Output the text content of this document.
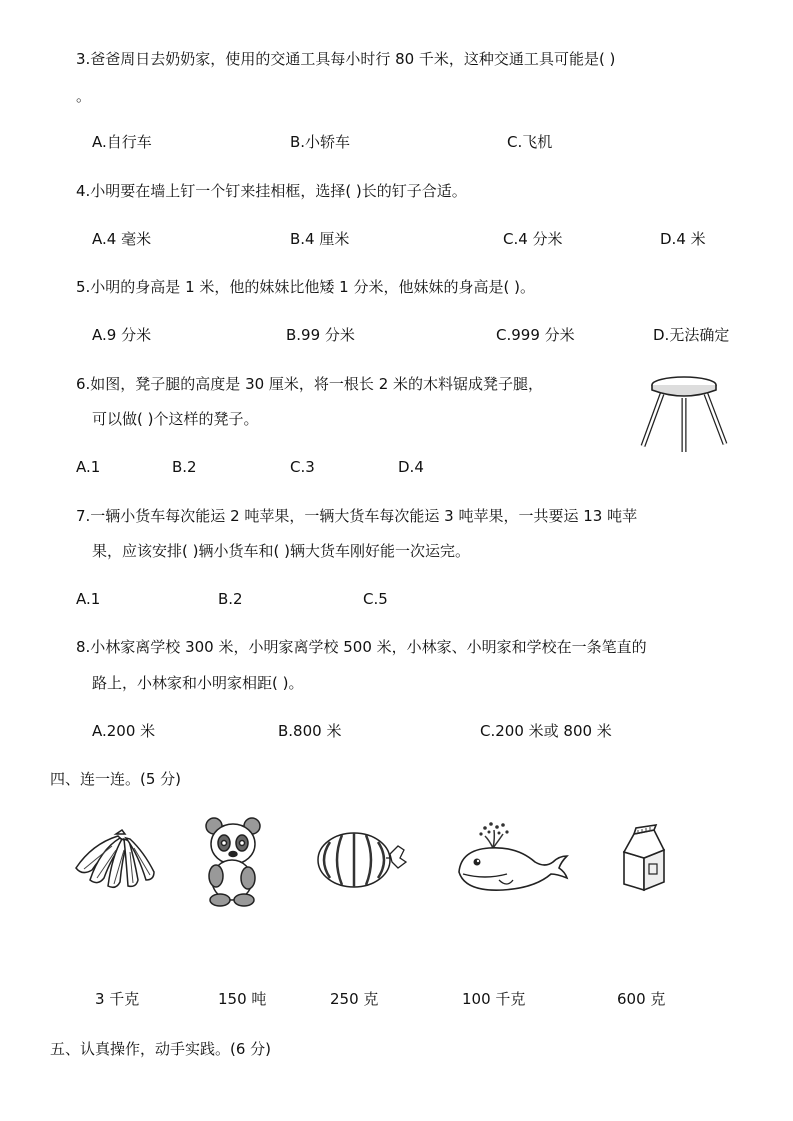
3.爸爸周日去奶奶家，使用的交通工具每小时行 80 千米，这种交通工具可能是( )
。
A.自行车	B.小轿车	C.飞机
4.小明要在墙上钉一个钉来挂相框，选择( )长的钉子合适。
A.4 毫米	B.4 厘米	C.4 分米	D.4 米
5.小明的身高是 1 米，他的妹妹比他矮 1 分米，他妹妹的身高是( )。
A.9 分米	B.99 分米	C.999 分米	D.无法确定
6.如图，凳子腿的高度是 30 厘米，将一根长 2 米的木料锯成凳子腿，
可以做( )个这样的凳子。
A.1	B.2	C.3	D.4
7.一辆小货车每次能运 2 吨苹果，一辆大货车每次能运 3 吨苹果，一共要运 13 吨苹
果，应该安排( )辆小货车和( )辆大货车刚好能一次运完。
A.1	B.2	C.5
8.小林家离学校 300 米，小明家离学校 500 米，小林家、小明家和学校在一条笔直的
路上，小林家和小明家相距( )。
A.200 米	B.800 米	C.200 米或 800 米
四、连一连。(5 分)
3 千克	150 吨	250 克	100 千克	600 克
五、认真操作，动手实践。(6 分)
